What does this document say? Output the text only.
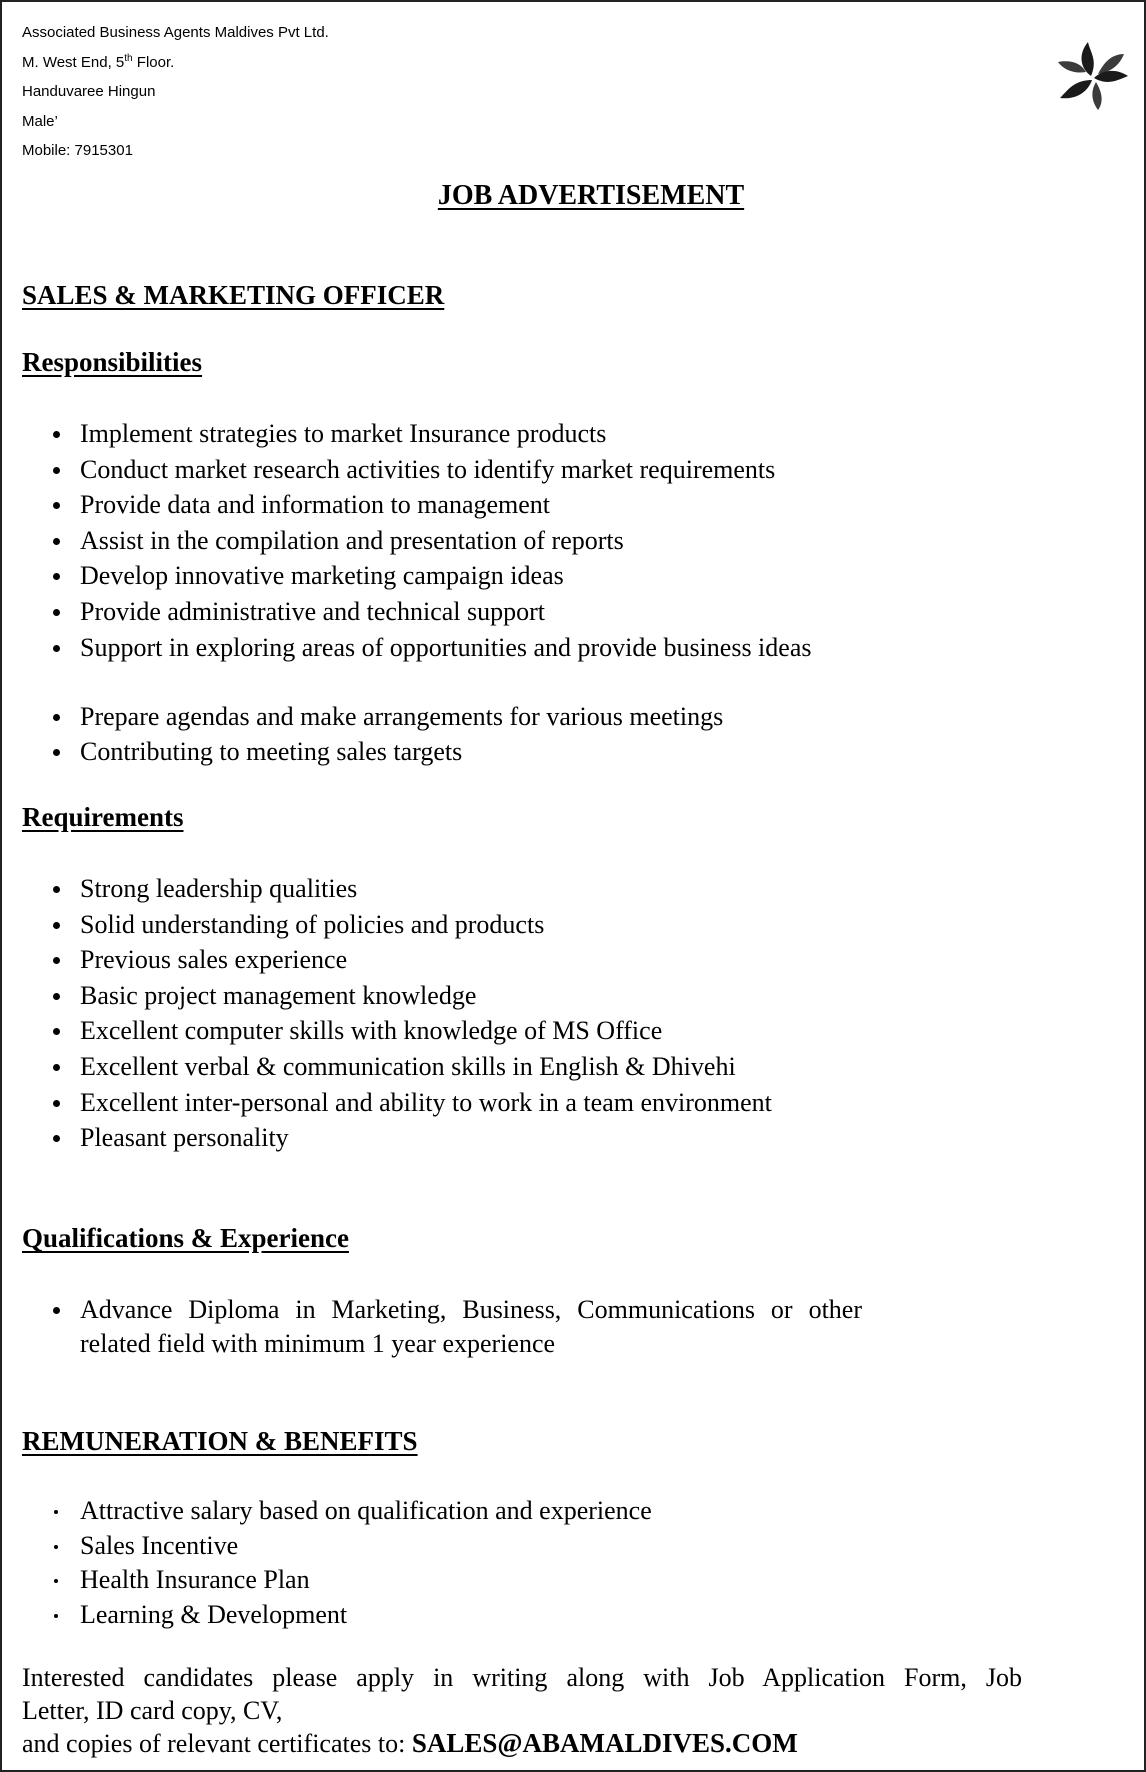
Associated Business Agents Maldives Pvt Ltd.
M. West End, 5th Floor.
Handuvaree Hingun
Male’
Mobile: 7915301
JOB ADVERTISEMENT
SALES & MARKETING OFFICER
Responsibilities
Implement strategies to market Insurance products
Conduct market research activities to identify market requirements
Provide data and information to management
Assist in the compilation and presentation of reports
Develop innovative marketing campaign ideas
Provide administrative and technical support
Support in exploring areas of opportunities and provide business ideas
Prepare agendas and make arrangements for various meetings
Contributing to meeting sales targets
Requirements
Strong leadership qualities
Solid understanding of policies and products
Previous sales experience
Basic project management knowledge
Excellent computer skills with knowledge of MS Office
Excellent verbal & communication skills in English & Dhivehi
Excellent inter-personal and ability to work in a team environment
Pleasant personality
Qualifications & Experience
Advance Diploma in Marketing, Business, Communications or other related field with minimum 1 year experience
REMUNERATION & BENEFITS
Attractive salary based on qualification and experience
Sales Incentive
Health Insurance Plan
Learning & Development
Interested candidates please apply in writing along with Job Application Form, Job
Letter, ID card copy, CV,
and copies of relevant certificates to: SALES@ABAMALDIVES.COM
